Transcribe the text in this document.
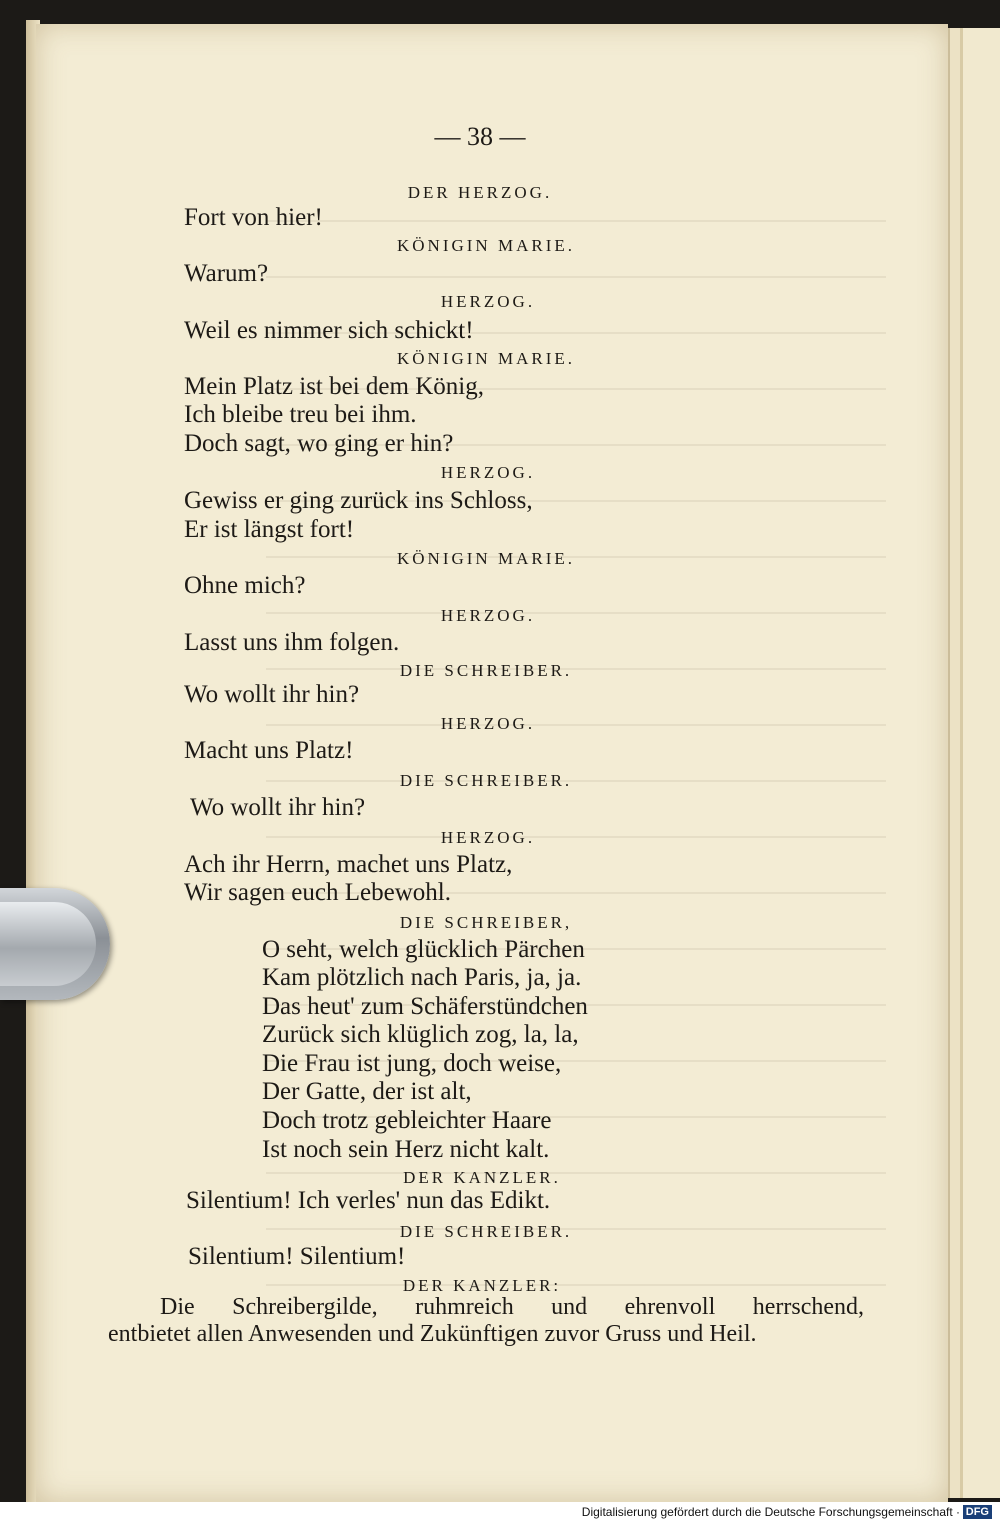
— 38 —
DER HERZOG.
Fort von hier!
KÖNIGIN MARIE.
Warum?
HERZOG.
Weil es nimmer sich schickt!
KÖNIGIN MARIE.
Mein Platz ist bei dem König,
Ich bleibe treu bei ihm.
Doch sagt, wo ging er hin?
HERZOG.
Gewiss er ging zurück ins Schloss,
Er ist längst fort!
KÖNIGIN MARIE.
Ohne mich?
HERZOG.
Lasst uns ihm folgen.
DIE SCHREIBER.
Wo wollt ihr hin?
HERZOG.
Macht uns Platz!
DIE SCHREIBER.
Wo wollt ihr hin?
HERZOG.
Ach ihr Herrn, machet uns Platz,
Wir sagen euch Lebewohl.
DIE SCHREIBER,
O seht, welch glücklich Pärchen
Kam plötzlich nach Paris, ja, ja.
Das heut' zum Schäferstündchen
Zurück sich klüglich zog, la, la,
Die Frau ist jung, doch weise,
Der Gatte, der ist alt,
Doch trotz gebleichter Haare
Ist noch sein Herz nicht kalt.
DER KANZLER.
Silentium! Ich verles' nun das Edikt.
DIE SCHREIBER.
Silentium! Silentium!
DER KANZLER:
Die Schreibergilde, ruhmreich und ehrenvoll herrschend,
entbietet allen Anwesenden und Zukünftigen zuvor Gruss und Heil.
Digitalisierung gefördert durch die Deutsche Forschungsgemeinschaft · DFG
